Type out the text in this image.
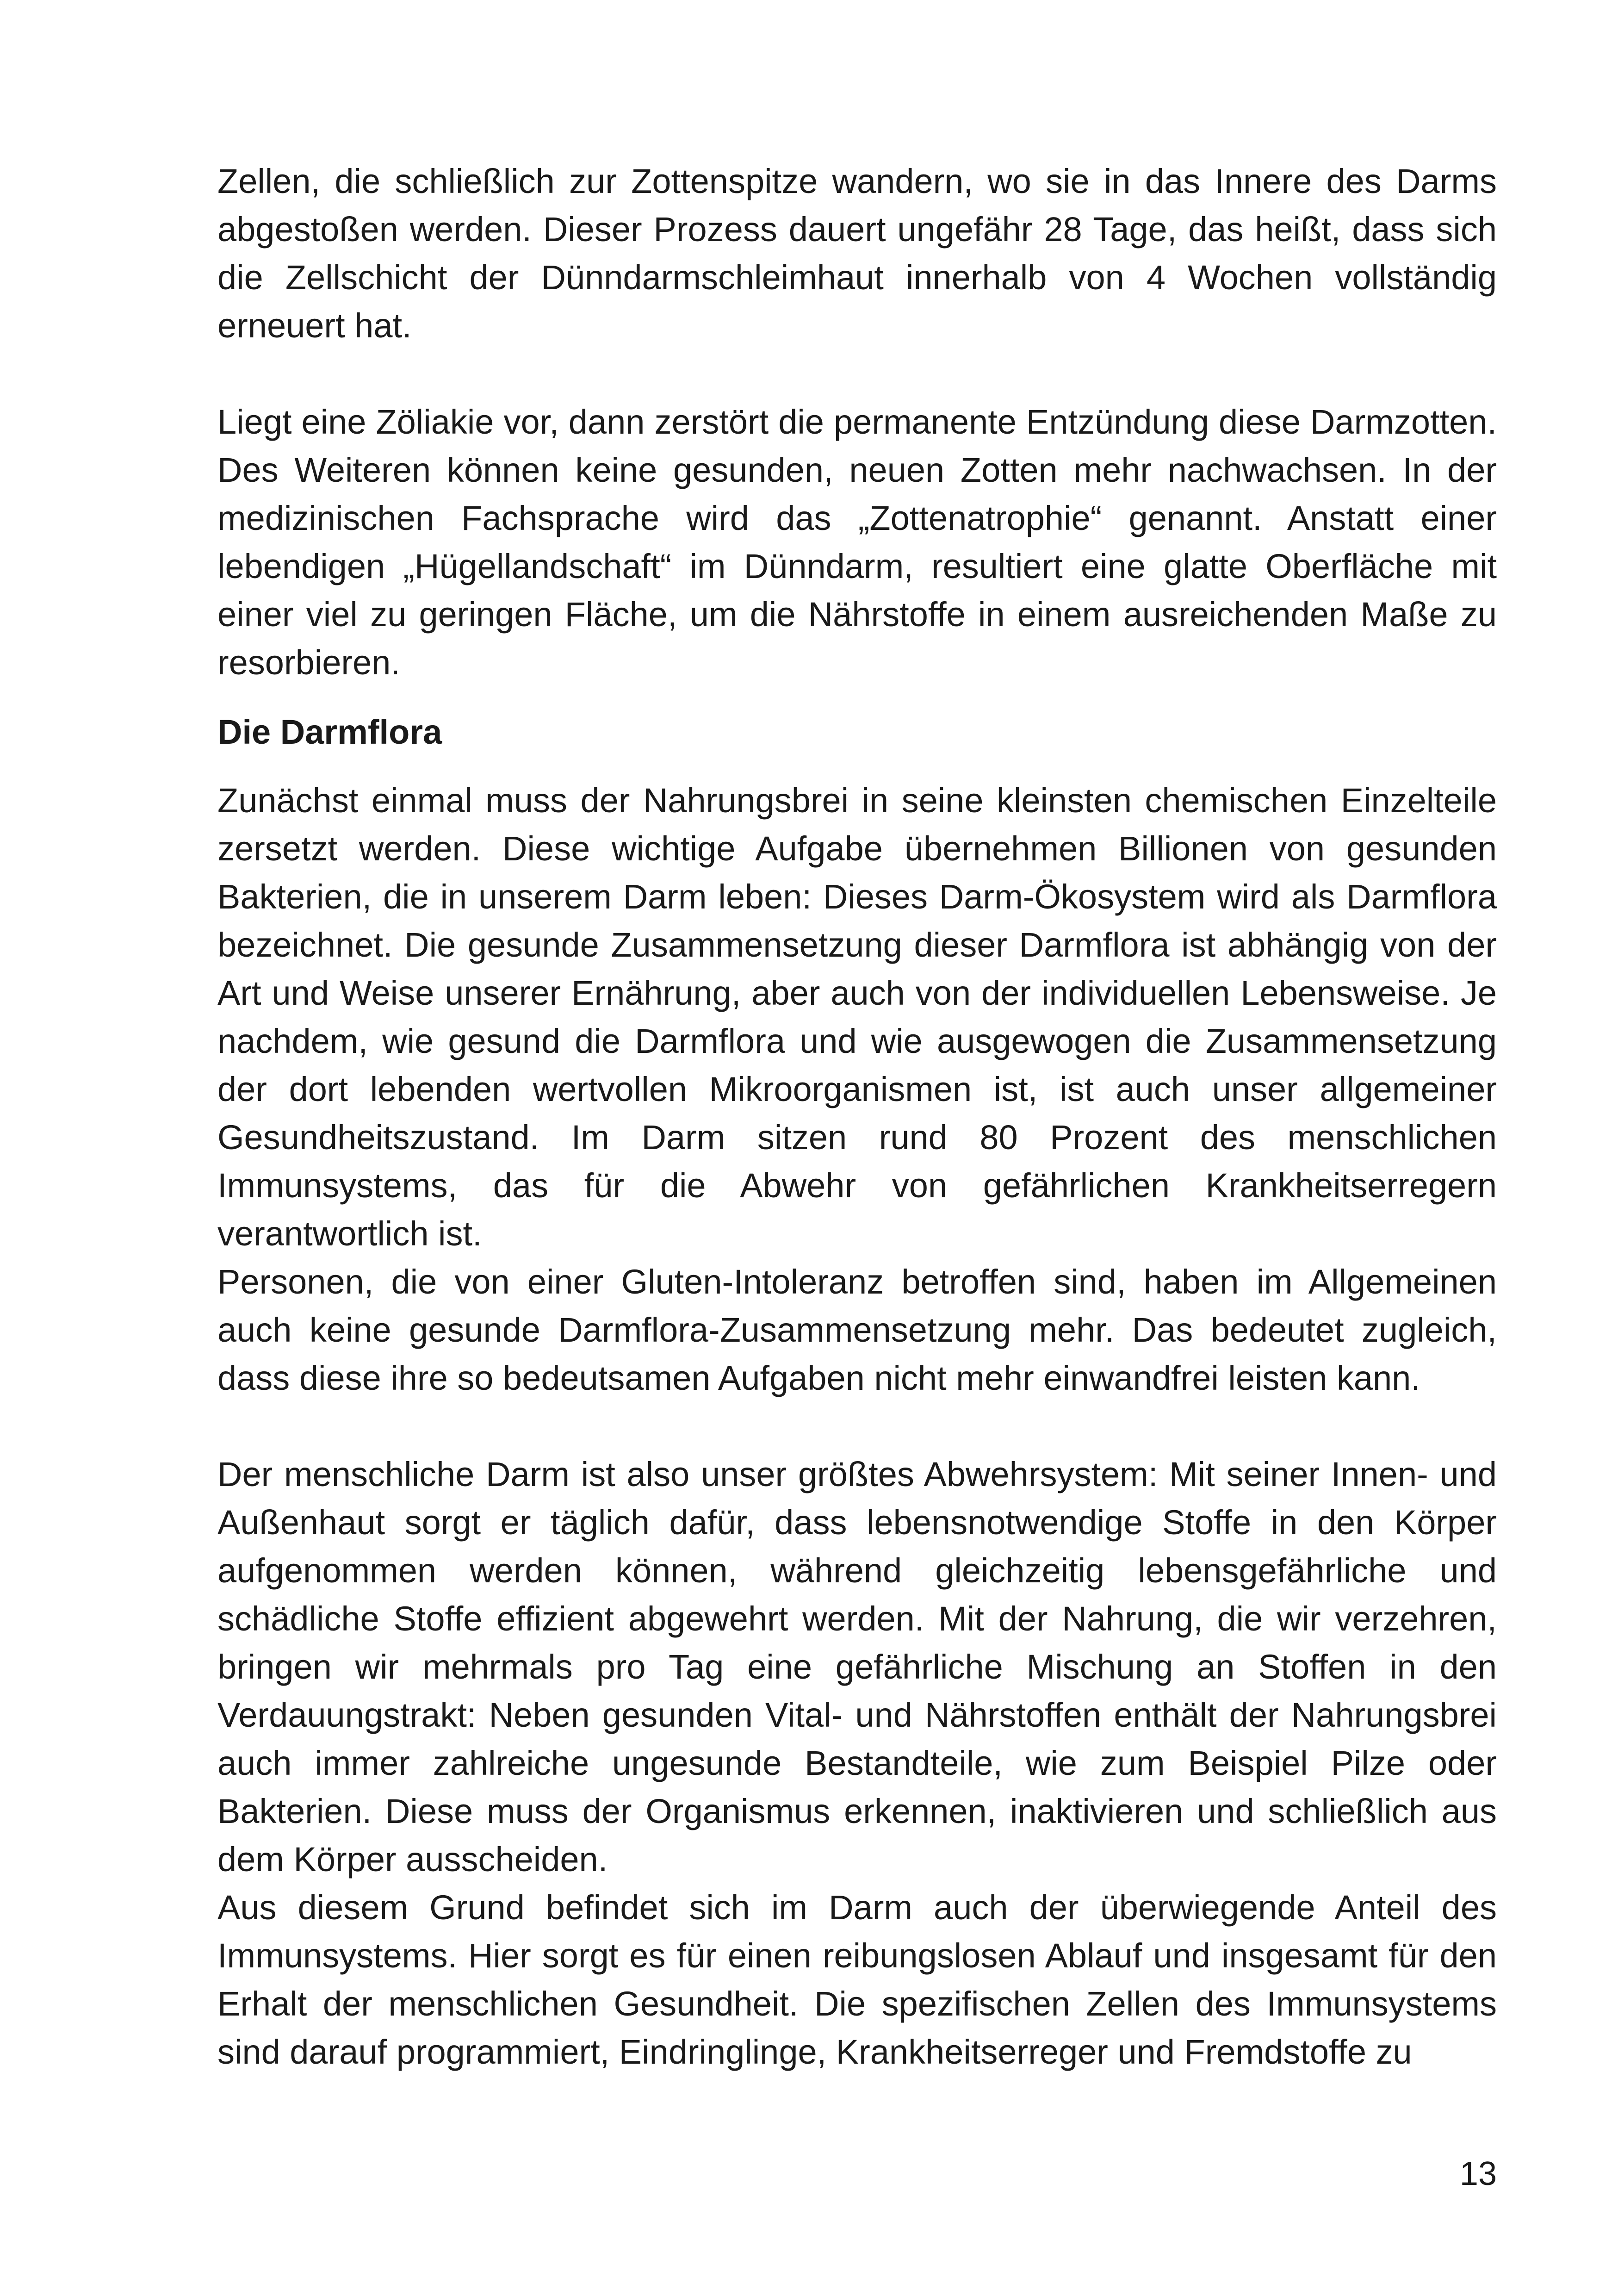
Zellen, die schließlich zur Zottenspitze wandern, wo sie in das Innere des Darms abgestoßen werden. Dieser Prozess dauert ungefähr 28 Tage, das heißt, dass sich die Zellschicht der Dünndarmschleimhaut innerhalb von 4 Wochen vollständig erneuert hat.

Liegt eine Zöliakie vor, dann zerstört die permanente Entzündung diese Darmzotten. Des Weiteren können keine gesunden, neuen Zotten mehr nachwachsen. In der medizinischen Fachsprache wird das „Zottenatrophie“ genannt. Anstatt einer lebendigen „Hügellandschaft“ im Dünndarm, resultiert eine glatte Oberfläche mit einer viel zu geringen Fläche, um die Nährstoffe in einem ausreichenden Maße zu resorbieren.

Die Darmflora

Zunächst einmal muss der Nahrungsbrei in seine kleinsten chemischen Einzelteile zersetzt werden. Diese wichtige Aufgabe übernehmen Billionen von gesunden Bakterien, die in unserem Darm leben: Dieses Darm-Ökosystem wird als Darmflora bezeichnet. Die gesunde Zusammensetzung dieser Darmflora ist abhängig von der Art und Weise unserer Ernährung, aber auch von der individuellen Lebensweise. Je nachdem, wie gesund die Darmflora und wie ausgewogen die Zusammensetzung der dort lebenden wertvollen Mikroorganismen ist, ist auch unser allgemeiner Gesundheitszustand. Im Darm sitzen rund 80 Prozent des menschlichen Immunsystems, das für die Abwehr von gefährlichen Krankheitserregern verantwortlich ist.

Personen, die von einer Gluten-Intoleranz betroffen sind, haben im Allgemeinen auch keine gesunde Darmflora-Zusammensetzung mehr. Das bedeutet zugleich, dass diese ihre so bedeutsamen Aufgaben nicht mehr einwandfrei leisten kann.

Der menschliche Darm ist also unser größtes Abwehrsystem: Mit seiner Innen- und Außenhaut sorgt er täglich dafür, dass lebensnotwendige Stoffe in den Körper aufgenommen werden können, während gleichzeitig lebensgefährliche und schädliche Stoffe effizient abgewehrt werden. Mit der Nahrung, die wir verzehren, bringen wir mehrmals pro Tag eine gefährliche Mischung an Stoffen in den Verdauungstrakt: Neben gesunden Vital- und Nährstoffen enthält der Nahrungsbrei auch immer zahlreiche ungesunde Bestandteile, wie zum Beispiel Pilze oder Bakterien. Diese muss der Organismus erkennen, inaktivieren und schließlich aus dem Körper ausscheiden.

Aus diesem Grund befindet sich im Darm auch der überwiegende Anteil des Immunsystems. Hier sorgt es für einen reibungslosen Ablauf und insgesamt für den Erhalt der menschlichen Gesundheit. Die spezifischen Zellen des Immunsystems sind darauf programmiert, Eindringlinge, Krankheitserreger und Fremdstoffe zu

13
